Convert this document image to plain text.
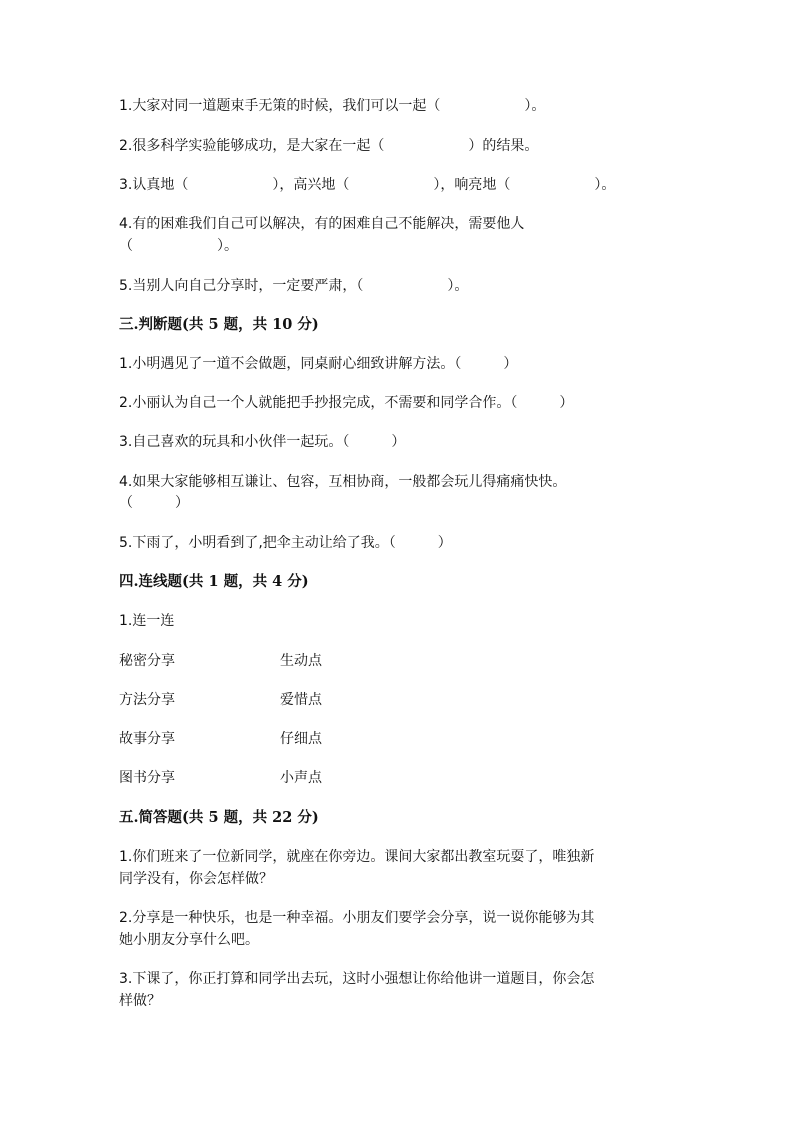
1.大家对同一道题束手无策的时候，我们可以一起（　　　　　　）。
2.很多科学实验能够成功，是大家在一起（　　　　　　）的结果。
3.认真地（　　　　　　），高兴地（　　　　　　），响亮地（　　　　　　）。
4.有的困难我们自己可以解决，有的困难自己不能解决，需要他人
（　　　　　　）。
5.当别人向自己分享时，一定要严肃，（　　　　　　）。
三.判断题(共 5 题，共 10 分)
1.小明遇见了一道不会做题，同桌耐心细致讲解方法。（　　　）
2.小丽认为自己一个人就能把手抄报完成，不需要和同学合作。（　　　）
3.自己喜欢的玩具和小伙伴一起玩。（　　　）
4.如果大家能够相互谦让、包容，互相协商，一般都会玩儿得痛痛快快。
（　　　）
5.下雨了，小明看到了,把伞主动让给了我。（　　　）
四.连线题(共 1 题，共 4 分)
1.连一连
秘密分享	生动点
方法分享	爱惜点
故事分享	仔细点
图书分享	小声点
五.简答题(共 5 题，共 22 分)
1.你们班来了一位新同学，就座在你旁边。课间大家都出教室玩耍了，唯独新
同学没有，你会怎样做？
2.分享是一种快乐，也是一种幸福。小朋友们要学会分享，说一说你能够为其
她小朋友分享什么吧。
3.下课了，你正打算和同学出去玩，这时小强想让你给他讲一道题目，你会怎
样做？
